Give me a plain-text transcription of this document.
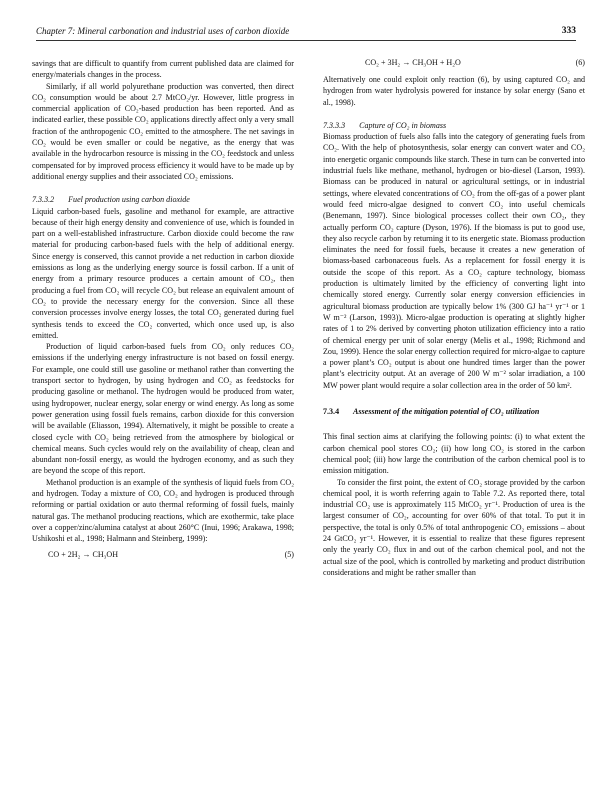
Chapter 7: Mineral carbonation and industrial uses of carbon dioxide	333

savings that are difficult to quantify from current published data are claimed for energy/materials changes in the process.

Similarly, if all world polyurethane production was converted, then direct CO₂ consumption would be about 2.7 MtCO₂/yr. However, little progress in commercial application of CO₂-based production has been reported. And as indicated earlier, these possible CO₂ applications directly affect only a very small fraction of the anthropogenic CO₂ emitted to the atmosphere. The net savings in CO₂ would be even smaller or could be negative, as the energy that was available in the hydrocarbon resource is missing in the CO₂ feedstock and unless compensated for by improved process efficiency it would have to be made up by additional energy supplies and their associated CO₂ emissions.

7.3.3.2 Fuel production using carbon dioxide

Liquid carbon-based fuels, gasoline and methanol for example, are attractive because of their high energy density and convenience of use, which is founded in part on a well-established infrastructure. Carbon dioxide could become the raw material for producing carbon-based fuels with the help of additional energy. Since energy is conserved, this cannot provide a net reduction in carbon dioxide emissions as long as the underlying energy source is fossil carbon. If a unit of energy from a primary resource produces a certain amount of CO₂, then producing a fuel from CO₂ will recycle CO₂ but release an equivalent amount of CO₂ to provide the necessary energy for the conversion. Since all these conversion processes involve energy losses, the total CO₂ generated during fuel synthesis tends to exceed the CO₂ converted, which once used up, is also emitted.

Production of liquid carbon-based fuels from CO₂ only reduces CO₂ emissions if the underlying energy infrastructure is not based on fossil energy. For example, one could still use gasoline or methanol rather than converting the transport sector to hydrogen, by using hydrogen and CO₂ as feedstocks for producing gasoline or methanol. The hydrogen would be produced from water, using hydropower, nuclear energy, solar energy or wind energy. As long as some power generation using fossil fuels remains, carbon dioxide for this conversion will be available (Eliasson, 1994). Alternatively, it might be possible to create a closed cycle with CO₂ being retrieved from the atmosphere by biological or chemical means. Such cycles would rely on the availability of cheap, clean and abundant non-fossil energy, as would the hydrogen economy, and as such they are beyond the scope of this report.

Methanol production is an example of the synthesis of liquid fuels from CO₂ and hydrogen. Today a mixture of CO, CO₂ and hydrogen is produced through reforming or partial oxidation or auto thermal reforming of fossil fuels, mainly natural gas. The methanol producing reactions, which are exothermic, take place over a copper/zinc/alumina catalyst at about 260°C (Inui, 1996; Arakawa, 1998; Ushikoshi et al., 1998; Halmann and Steinberg, 1999):

CO + 2H₂ → CH₃OH	(5)
CO₂ + 3H₂ → CH₃OH + H₂O	(6)

Alternatively one could exploit only reaction (6), by using captured CO₂ and hydrogen from water hydrolysis powered for instance by solar energy (Sano et al., 1998).

7.3.3.3 Capture of CO₂ in biomass

Biomass production of fuels also falls into the category of generating fuels from CO₂. With the help of photosynthesis, solar energy can convert water and CO₂ into energetic organic compounds like starch. These in turn can be converted into industrial fuels like methane, methanol, hydrogen or bio-diesel (Larson, 1993). Biomass can be produced in natural or agricultural settings, or in industrial settings, where elevated concentrations of CO₂ from the off-gas of a power plant would feed micro-algae designed to convert CO₂ into useful chemicals (Benemann, 1997). Since biological processes collect their own CO₂, they actually perform CO₂ capture (Dyson, 1976). If the biomass is put to good use, they also recycle carbon by returning it to its energetic state. Biomass production eliminates the need for fossil fuels, because it creates a new generation of biomass-based carbonaceous fuels. As a replacement for fossil energy it is outside the scope of this report. As a CO₂ capture technology, biomass production is ultimately limited by the efficiency of converting light into chemically stored energy. Currently solar energy conversion efficiencies in agricultural biomass production are typically below 1% (300 GJ ha⁻¹ yr⁻¹ or 1 W m⁻² (Larson, 1993)). Micro-algae production is operating at slightly higher rates of 1 to 2% derived by converting photon utilization efficiency into a ratio of chemical energy per unit of solar energy (Melis et al., 1998; Richmond and Zou, 1999). Hence the solar energy collection required for micro-algae to capture a power plant’s CO₂ output is about one hundred times larger than the power plant’s electricity output. At an average of 200 W m⁻² solar irradiation, a 100 MW power plant would require a solar collection area in the order of 50 km².

7.3.4	Assessment of the mitigation potential of CO₂ utilization

This final section aims at clarifying the following points: (i) to what extent the carbon chemical pool stores CO₂; (ii) how long CO₂ is stored in the carbon chemical pool; (iii) how large the contribution of the carbon chemical pool is to emission mitigation.

To consider the first point, the extent of CO₂ storage provided by the carbon chemical pool, it is worth referring again to Table 7.2. As reported there, total industrial CO₂ use is approximately 115 MtCO₂ yr⁻¹. Production of urea is the largest consumer of CO₂, accounting for over 60% of that total. To put it in perspective, the total is only 0.5% of total anthropogenic CO₂ emissions – about 24 GtCO₂ yr⁻¹. However, it is essential to realize that these figures represent only the yearly CO₂ flux in and out of the carbon chemical pool, and not the actual size of the pool, which is controlled by marketing and product distribution considerations and might be rather smaller than
